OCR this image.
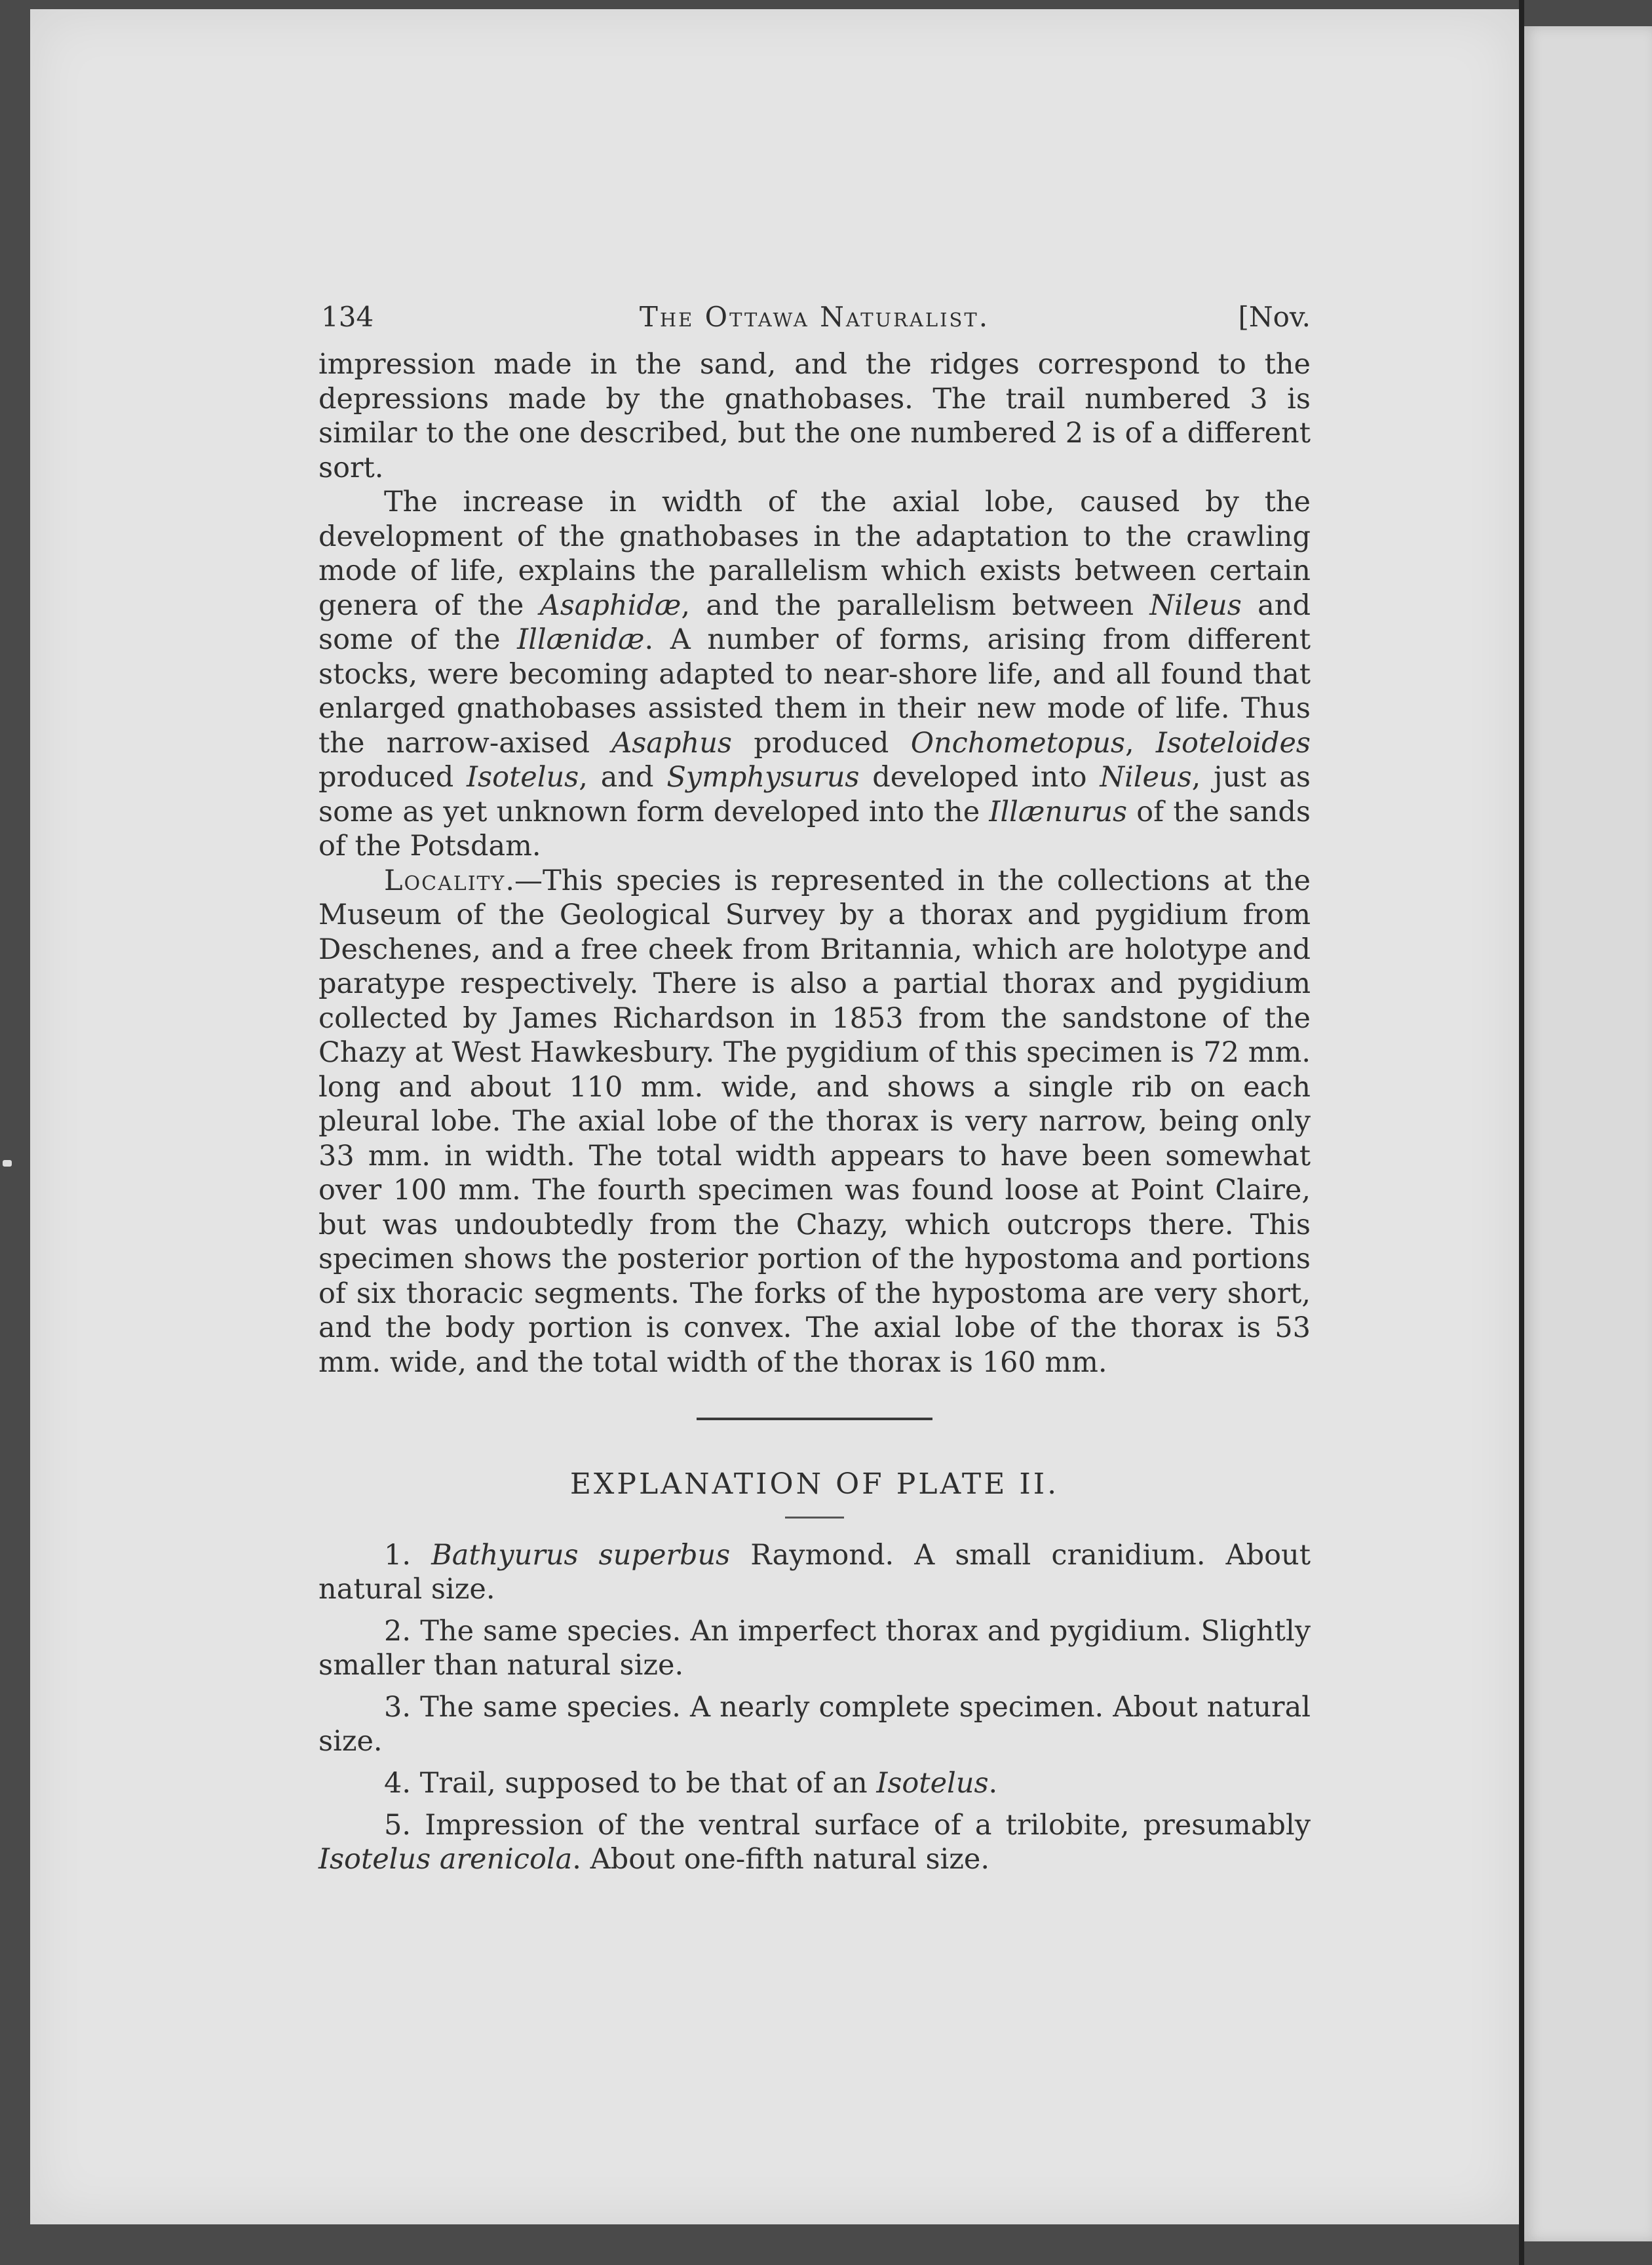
134	The Ottawa Naturalist.	[Nov.

impression made in the sand, and the ridges correspond to the depressions made by the gnathobases. The trail numbered 3 is similar to the one described, but the one numbered 2 is of a different sort.

The increase in width of the axial lobe, caused by the development of the gnathobases in the adaptation to the crawling mode of life, explains the parallelism which exists between certain genera of the Asaphidæ, and the parallelism between Nileus and some of the Illænidæ. A number of forms, arising from different stocks, were becoming adapted to near-shore life, and all found that enlarged gnathobases assisted them in their new mode of life. Thus the narrow-axised Asaphus produced Onchometopus, Isoteloides produced Isotelus, and Symphysurus developed into Nileus, just as some as yet unknown form developed into the Illænurus of the sands of the Potsdam.

Locality.—This species is represented in the collections at the Museum of the Geological Survey by a thorax and pygidium from Deschenes, and a free cheek from Britannia, which are holotype and paratype respectively. There is also a partial thorax and pygidium collected by James Richardson in 1853 from the sandstone of the Chazy at West Hawkesbury. The pygidium of this specimen is 72 mm. long and about 110 mm. wide, and shows a single rib on each pleural lobe. The axial lobe of the thorax is very narrow, being only 33 mm. in width. The total width appears to have been somewhat over 100 mm. The fourth specimen was found loose at Point Claire, but was undoubtedly from the Chazy, which outcrops there. This specimen shows the posterior portion of the hypostoma and portions of six thoracic segments. The forks of the hypostoma are very short, and the body portion is convex. The axial lobe of the thorax is 53 mm. wide, and the total width of the thorax is 160 mm.

EXPLANATION OF PLATE II.

1. Bathyurus superbus Raymond. A small cranidium. About natural size.

2. The same species. An imperfect thorax and pygidium. Slightly smaller than natural size.

3. The same species. A nearly complete specimen. About natural size.

4. Trail, supposed to be that of an Isotelus.

5. Impression of the ventral surface of a trilobite, presumably Isotelus arenicola. About one-fifth natural size.
